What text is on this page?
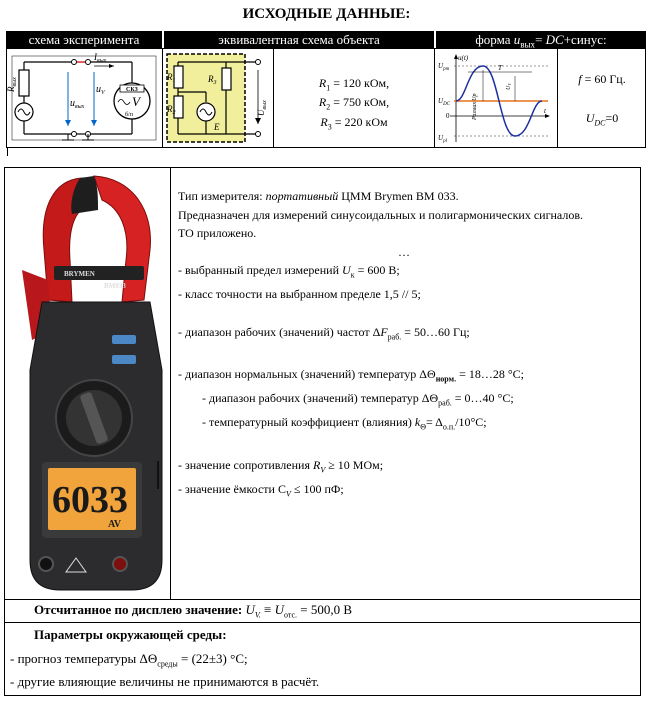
ИСХОДНЫЕ ДАННЫЕ:
схема эксперимента	эквивалентная схема объекта	форма $u_{вых}=$ DC+синус:
$R_{вых}$
СКЗ
V
б/п
$I_{вых}$
$u_V$
$u_{вых}$
$R_1$
$R_2$
$R_3$
E
$U_{вых}$
$R_1 = 120$ кОм,
$R_2 = 750$ кОм,
$R_3 = 220$ кОм
u(t)
$U_{pm}$
$U_{DC}$
0
$U_{pl}$
t
T
UV
РазмахUp
f = 60 Гц.
$U_{DC}=0$
BRYMEN
BM033
6033
AV
Тип измерителя: портативный ЦММ Brymen BM 033.
Предназначен для измерений синусоидальных и полигармонических сигналов.
ТО приложено.
…
- выбранный предел измерений $U_к = 600$ В;
- класс точности на выбранном пределе 1,5 // 5;

- диапазон рабочих (значений) частот $\Delta F_{раб.}$ = 50…60 Гц;

- диапазон нормальных (значений) температур $\Delta\Theta_{норм.}$ = 18…28 °С;
- диапазон рабочих (значений) температур $\Delta\Theta_{раб.}$ = 0…40 °С;
- температурный коэффициент (влияния) $k_\Theta= \Delta_{о.п.}/10^\circ С$;

- значение сопротивления $R_V \ge 10$ МОм;
- значение ёмкости $C_V \le 100$ пФ;
Отсчитанное по дисплею значение: $U_{V.} \equiv U_{отс.} = 500,0$ В
Параметры окружающей среды:
- прогноз температуры $\Delta\Theta_{среды} = (22\pm 3)$ °С;
- другие влияющие величины не принимаются в расчёт.
